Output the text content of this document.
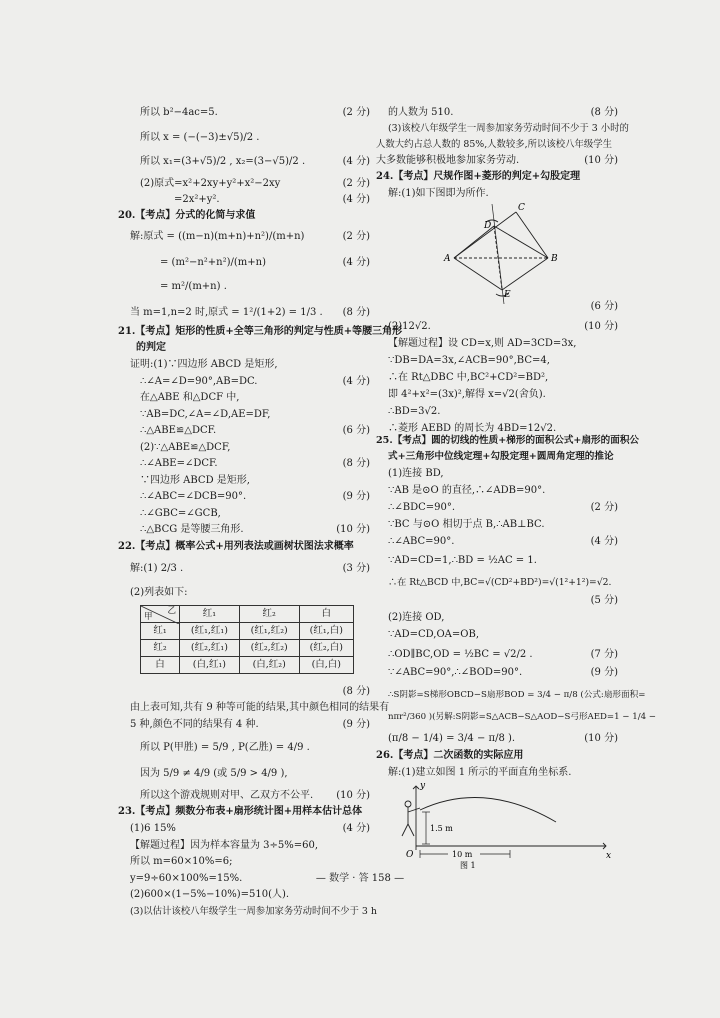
所以 b²−4ac=5.	(2 分)
所以 x = (−(−3)±√5)/2 .
所以 x₁=(3+√5)/2 , x₂=(3−√5)/2 .	(4 分)
(2)原式=x²+2xy+y²+x²−2xy	(2 分)
=2x²+y².	(4 分)
20.【考点】分式的化简与求值
解:原式 = ((m−n)(m+n)+n²)/(m+n)	(2 分)
= (m²−n²+n²)/(m+n)	(4 分)
= m²/(m+n) .
当 m=1,n=2 时,原式 = 1²/(1+2) = 1/3 . (8 分)
21.【考点】矩形的性质+全等三角形的判定与性质+等腰三角形
的判定
证明:(1)∵四边形 ABCD 是矩形,
∴∠A=∠D=90°,AB=DC.	(4 分)
在△ABE 和△DCF 中,
∵AB=DC,∠A=∠D,AE=DF,
∴△ABE≌△DCF.	(6 分)
(2)∵△ABE≌△DCF,
∴∠ABE=∠DCF.	(8 分)
∵四边形 ABCD 是矩形,
∴∠ABC=∠DCB=90°.	(9 分)
∴∠GBC=∠GCB,
∴△BCG 是等腰三角形.	(10 分)
22.【考点】概率公式+用列表法或画树状图法求概率
解:(1) 2/3 .	(3 分)
(2)列表如下:
乙
甲	红₁	红₂	白
红₁	(红₁,红₁)	(红₁,红₂)	(红₁,白)
红₂	(红₂,红₁)	(红₂,红₂)	(红₂,白)
白	(白,红₁)	(白,红₂)	(白,白)
(8 分)
由上表可知,共有 9 种等可能的结果,其中颜色相同的结果有
5 种,颜色不同的结果有 4 种.	(9 分)
所以 P(甲胜) = 5/9 , P(乙胜) = 4/9 .
因为 5/9 ≠ 4/9 (或 5/9 > 4/9 ),
所以这个游戏规则对甲、乙双方不公平. (10 分)
23.【考点】频数分布表+扇形统计图+用样本估计总体
(1)6 15%	(4 分)
【解题过程】因为样本容量为 3÷5%=60,
所以 m=60×10%=6;
y=9÷60×100%=15%.
(2)600×(1−5%−10%)=510(人).
(3)以估计该校八年级学生一周参加家务劳动时间不少于 3 h
的人数为 510.	(8 分)
(3)该校八年级学生一周参加家务劳动时间不少于 3 小时的
人数大约占总人数的 85%,人数较多,所以该校八年级学生
大多数能够积极地参加家务劳动.	(10 分)
24.【考点】尺规作图+菱形的判定+勾股定理
解:(1)如下图即为所作.
A	B
C
D
E
(6 分)
(2)12√2.	(10 分)
【解题过程】设 CD=x,则 AD=3CD=3x,
∵DB=DA=3x,∠ACB=90°,BC=4,
∴在 Rt△DBC 中,BC²+CD²=BD²,
即 4²+x²=(3x)²,解得 x=√2(舍负).
∴BD=3√2.
∴菱形 AEBD 的周长为 4BD=12√2.
25.【考点】圆的切线的性质+梯形的面积公式+扇形的面积公
式+三角形中位线定理+勾股定理+圆周角定理的推论
(1)连接 BD,
∵AB 是⊙O 的直径,∴∠ADB=90°.
∴∠BDC=90°.	(2 分)
∵BC 与⊙O 相切于点 B,∴AB⊥BC.
∴∠ABC=90°.	(4 分)
∵AD=CD=1,∴BD = ½AC = 1.
∴在 Rt△BCD 中,BC=√(CD²+BD²)=√(1²+1²)=√2.
(5 分)
(2)连接 OD,
∵AD=CD,OA=OB,
∴OD∥BC,OD = ½BC = √2/2 .	(7 分)
∵∠ABC=90°,∴∠BOD=90°.	(9 分)
∴S阴影=S梯形OBCD−S扇形BOD = 3/4 − π/8 (公式:扇形面积=
nπr²/360 )(另解:S阴影=S△ACB−S△AOD−S弓形AED=1 − 1/4 −
(π/8 − 1/4) = 3/4 − π/8 ).	(10 分)
26.【考点】二次函数的实际应用
解:(1)建立如图 1 所示的平面直角坐标系.
y
x
O
1.5 m
10 m
图 1
— 数学 · 答 158 —
